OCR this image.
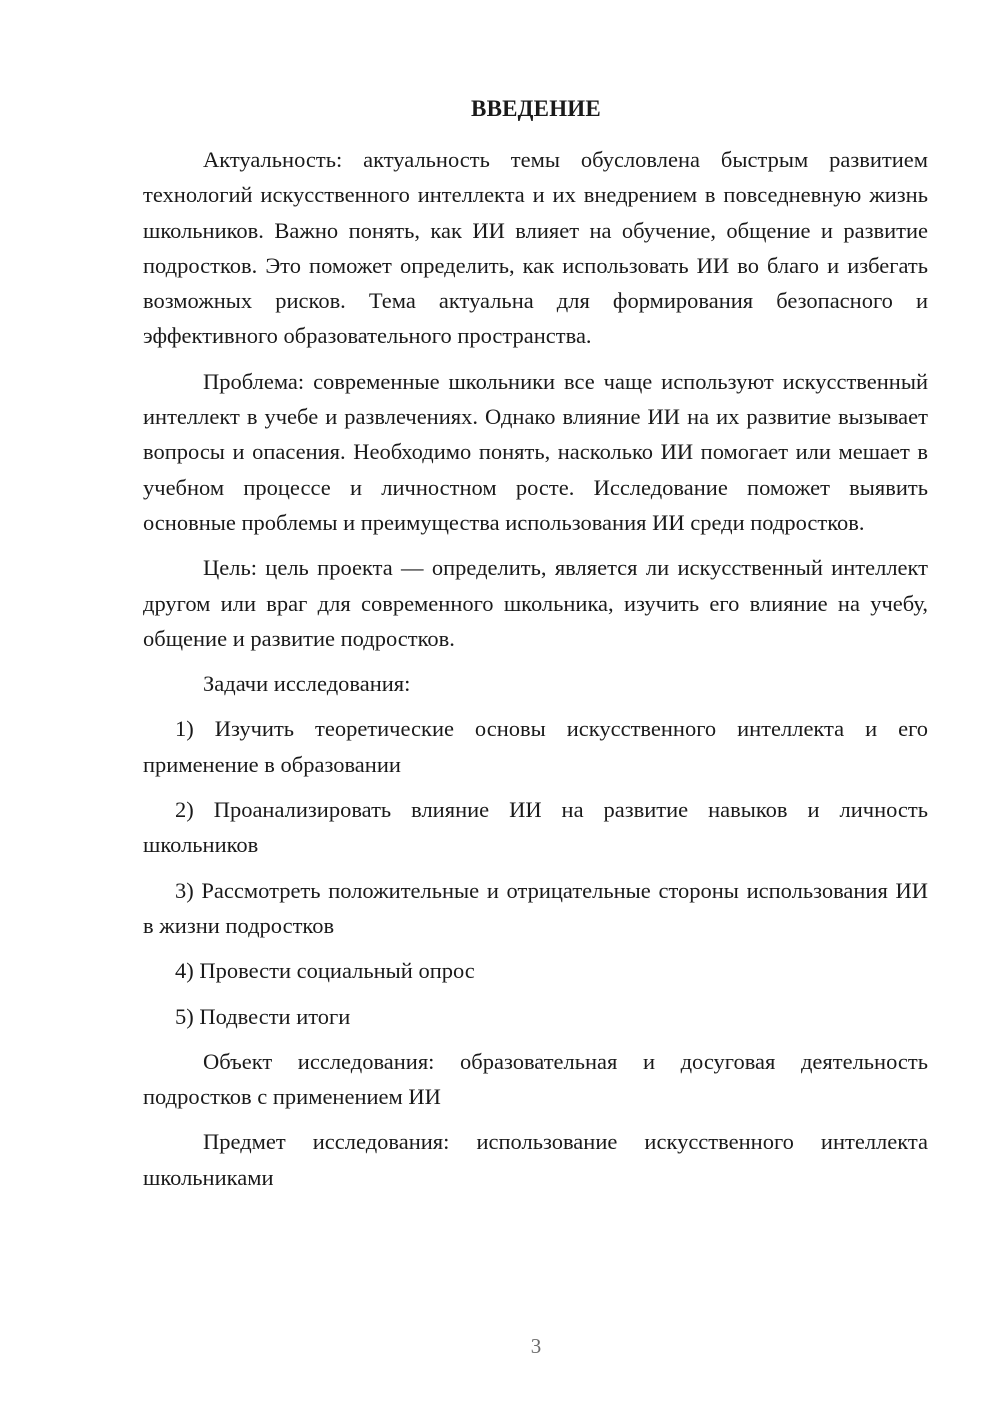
ВВЕДЕНИЕ

Актуальность: актуальность темы обусловлена быстрым развитием технологий искусственного интеллекта и их внедрением в повседневную жизнь школьников. Важно понять, как ИИ влияет на обучение, общение и развитие подростков. Это поможет определить, как использовать ИИ во благо и избегать возможных рисков. Тема актуальна для формирования безопасного и эффективного образовательного пространства.

Проблема: современные школьники все чаще используют искусственный интеллект в учебе и развлечениях. Однако влияние ИИ на их развитие вызывает вопросы и опасения. Необходимо понять, насколько ИИ помогает или мешает в учебном процессе и личностном росте. Исследование поможет выявить основные проблемы и преимущества использования ИИ среди подростков.

Цель: цель проекта — определить, является ли искусственный интеллект другом или враг для современного школьника, изучить его влияние на учебу, общение и развитие подростков.

Задачи исследования:

1) Изучить теоретические основы искусственного интеллекта и его применение в образовании

2) Проанализировать влияние ИИ на развитие навыков и личность школьников

3) Рассмотреть положительные и отрицательные стороны использования ИИ в жизни подростков

4) Провести социальный опрос

5) Подвести итоги

Объект исследования: образовательная и досуговая деятельность подростков с применением ИИ

Предмет исследования: использование искусственного интеллекта школьниками

3
